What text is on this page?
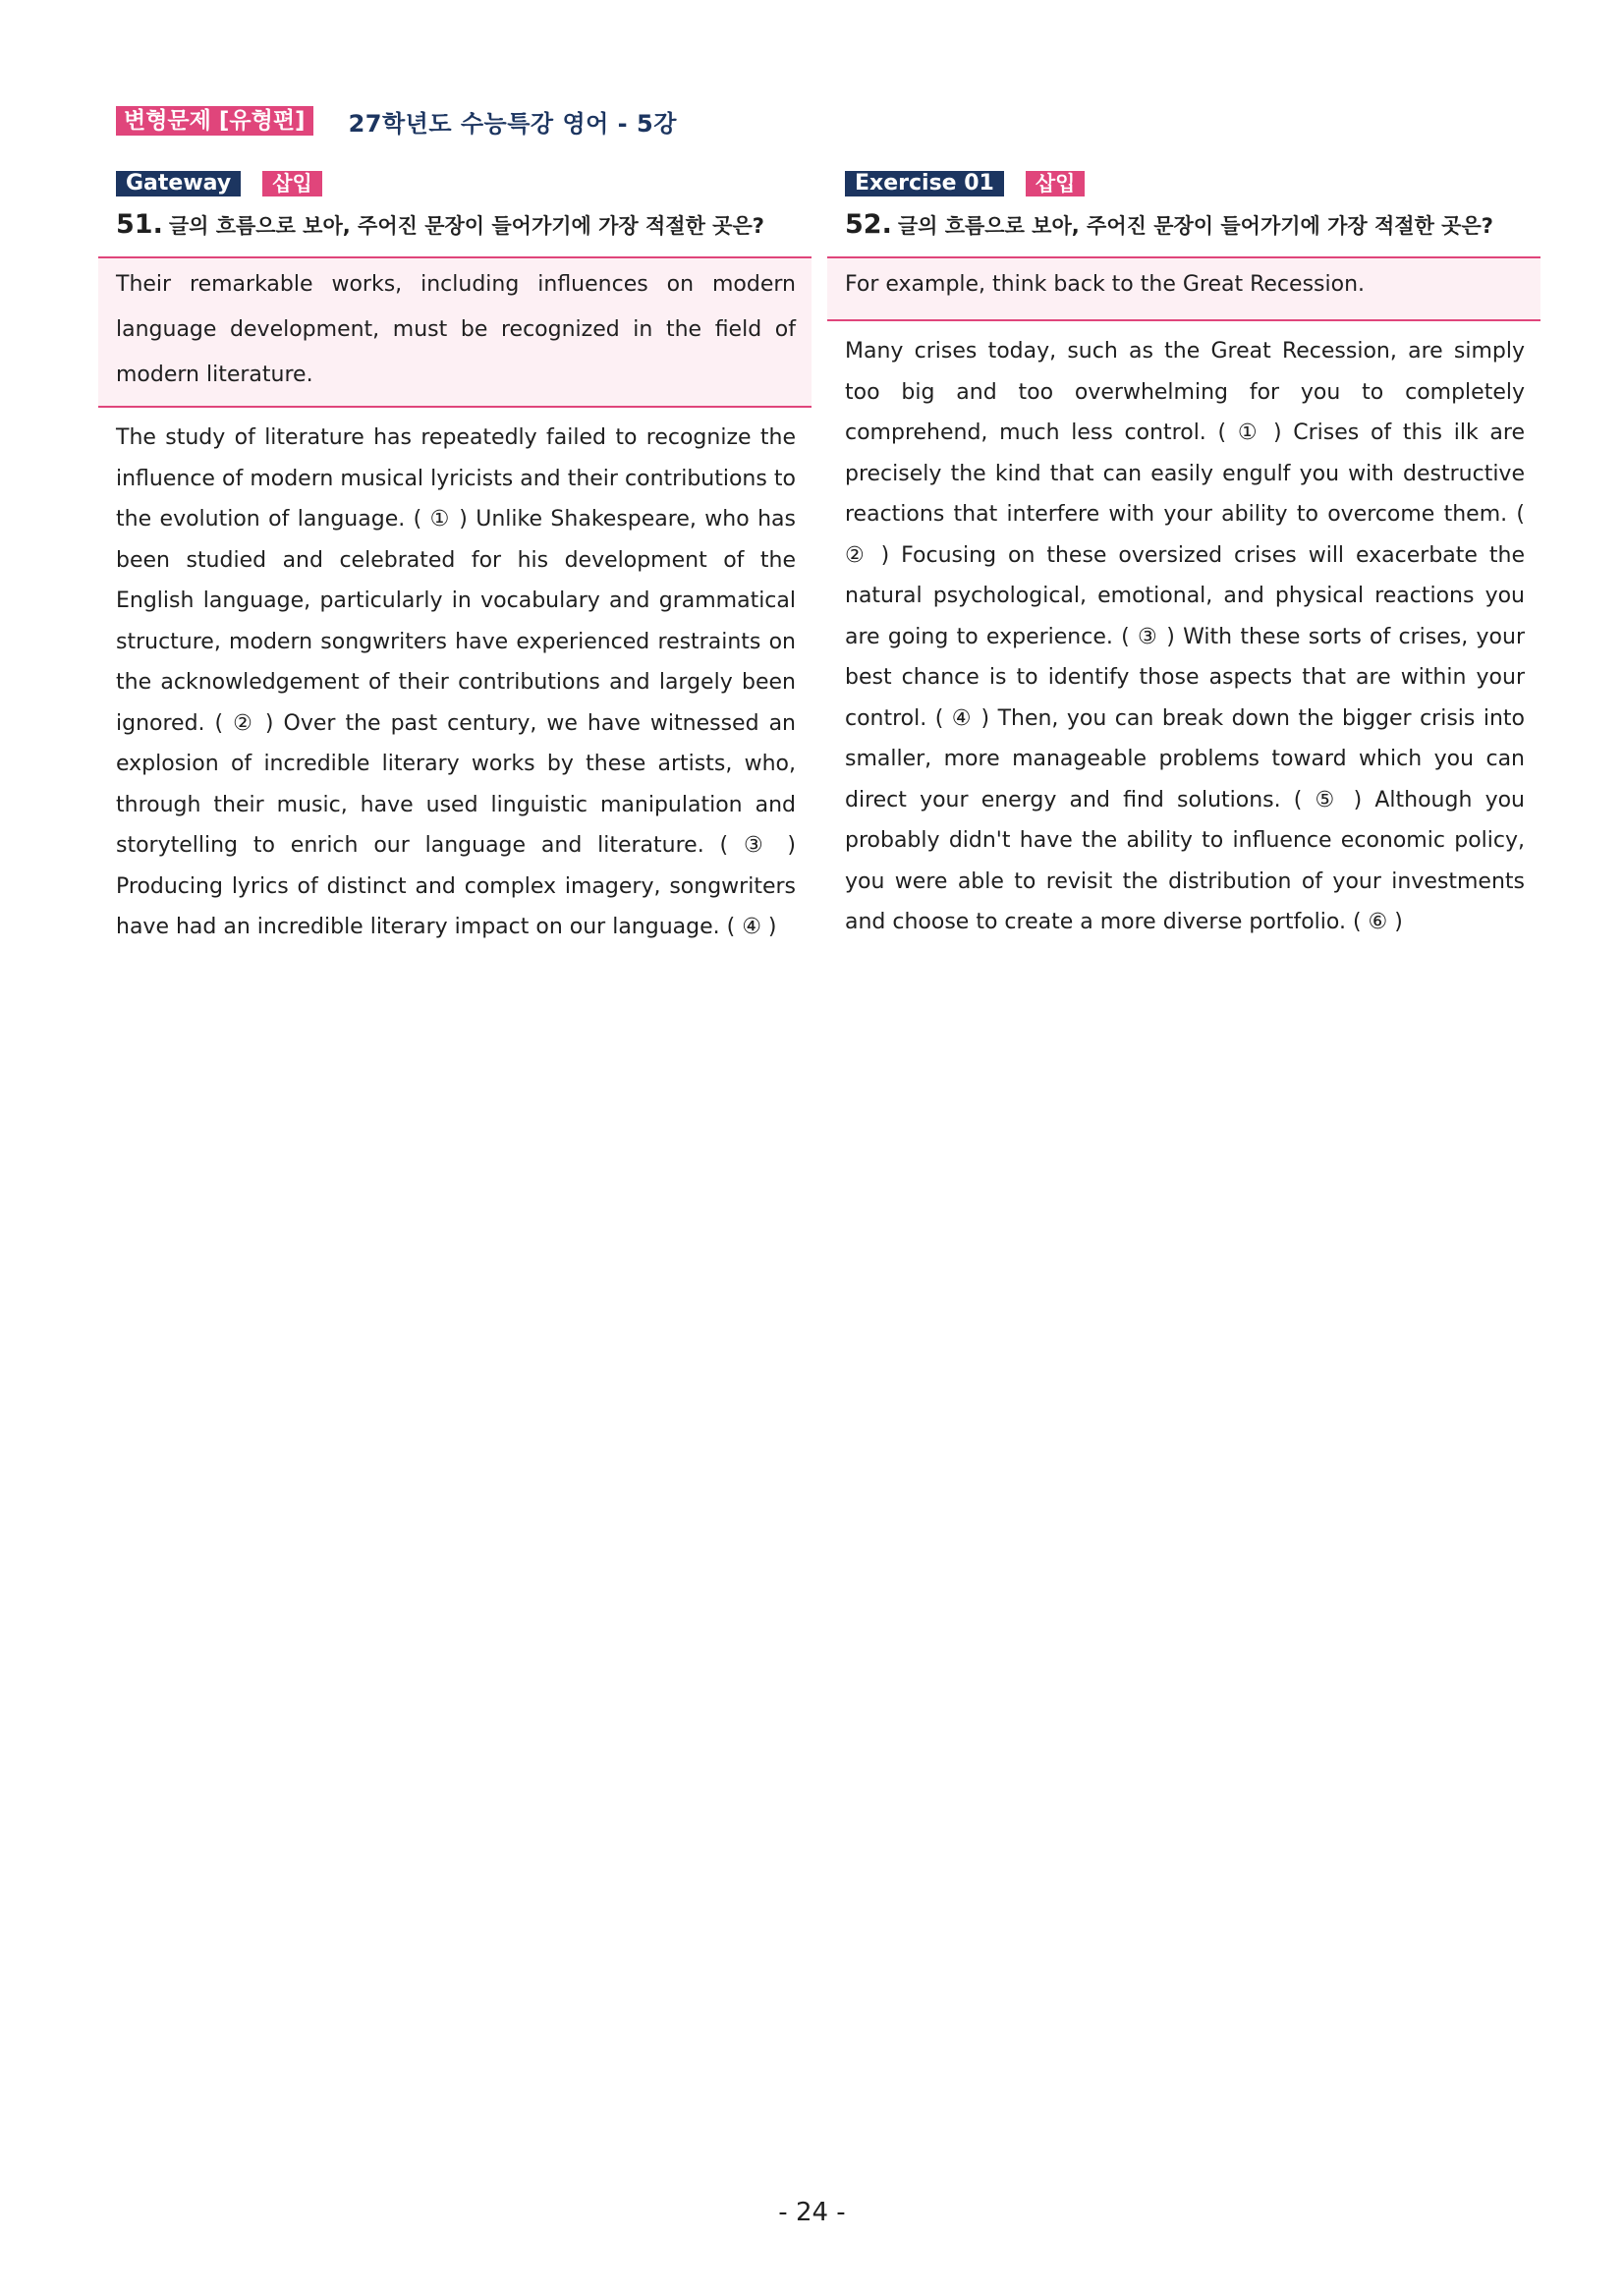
변형문제 [유형편]	27학년도 수능특강 영어 - 5강
Gateway	삽입
51. 글의 흐름으로 보아, 주어진 문장이 들어가기에 가장 적절한 곳은?
Their remarkable works, including influences on modern language development, must be recognized in the field of modern literature.
The study of literature has repeatedly failed to recognize the influence of modern musical lyricists and their contributions to the evolution of language. ( ① ) Unlike Shakespeare, who has been studied and celebrated for his development of the English language, particularly in vocabulary and grammatical structure, modern songwriters have experienced restraints on the acknowledgement of their contributions and largely been ignored. ( ② ) Over the past century, we have witnessed an explosion of incredible literary works by these artists, who, through their music, have used linguistic manipulation and storytelling to enrich our language and literature. ( ③ ) Producing lyrics of distinct and complex imagery, songwriters have had an incredible literary impact on our language. ( ④ )
Exercise 01	삽입
52. 글의 흐름으로 보아, 주어진 문장이 들어가기에 가장 적절한 곳은?
For example, think back to the Great Recession.
Many crises today, such as the Great Recession, are simply too big and too overwhelming for you to completely comprehend, much less control. ( ① ) Crises of this ilk are precisely the kind that can easily engulf you with destructive reactions that interfere with your ability to overcome them. ( ② ) Focusing on these oversized crises will exacerbate the natural psychological, emotional, and physical reactions you are going to experience. ( ③ ) With these sorts of crises, your best chance is to identify those aspects that are within your control. ( ④ ) Then, you can break down the bigger crisis into smaller, more manageable problems toward which you can direct your energy and find solutions. ( ⑤ ) Although you probably didn't have the ability to influence economic policy, you were able to revisit the distribution of your investments and choose to create a more diverse portfolio. ( ⑥ )
- 24 -
